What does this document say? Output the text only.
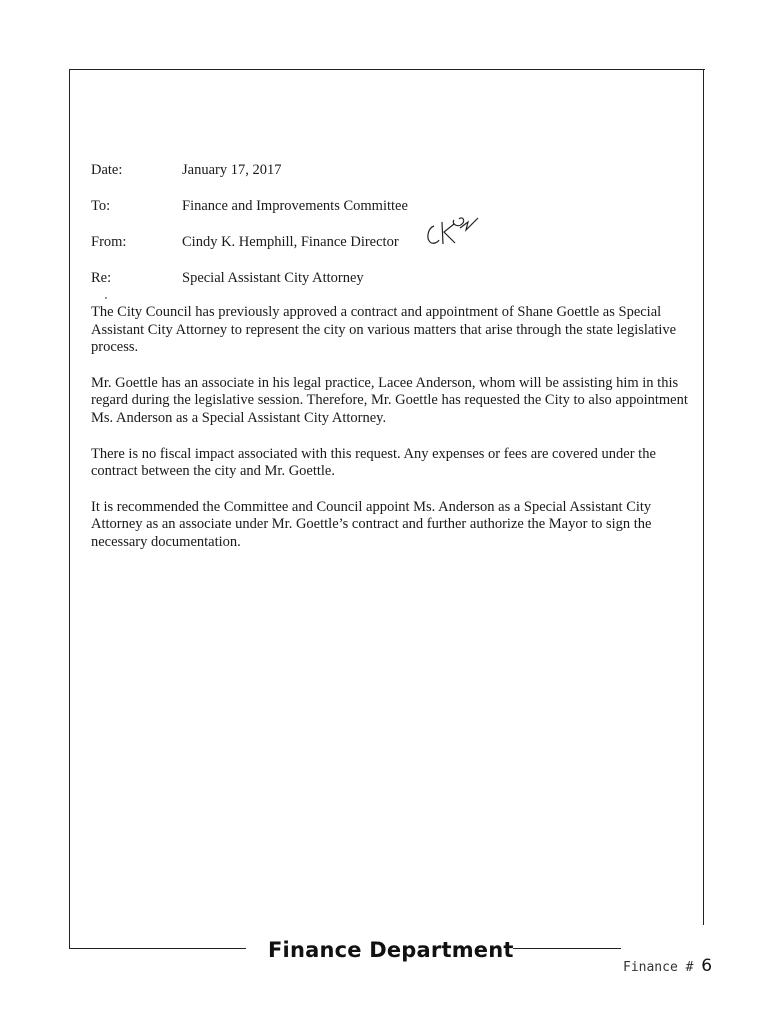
Date:	January 17, 2017
To:	Finance and Improvements Committee
From:	Cindy K. Hemphill, Finance Director
Re:	Special Assistant City Attorney

The City Council has previously approved a contract and appointment of Shane Goettle as Special Assistant City Attorney to represent the city on various matters that arise through the state legislative process.

Mr. Goettle has an associate in his legal practice, Lacee Anderson, whom will be assisting him in this regard during the legislative session. Therefore, Mr. Goettle has requested the City to also appointment Ms. Anderson as a Special Assistant City Attorney.

There is no fiscal impact associated with this request. Any expenses or fees are covered under the contract between the city and Mr. Goettle.

It is recommended the Committee and Council appoint Ms. Anderson as a Special Assistant City Attorney as an associate under Mr. Goettle’s contract and further authorize the Mayor to sign the necessary documentation.

Finance Department
Finance # 6
